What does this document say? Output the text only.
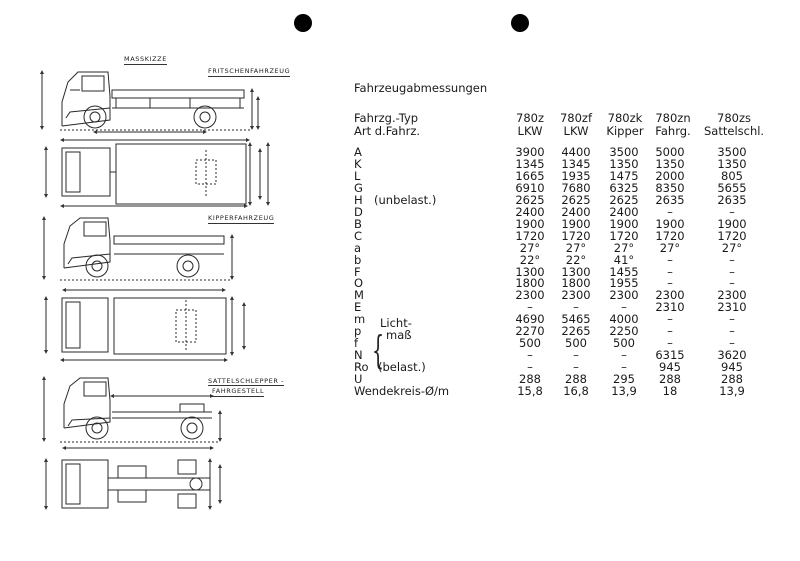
MASSKIZZE
FRITSCHENFAHRZEUG
KIPPERFAHRZEUG
SATTELSCHLEPPER -
FAHRGESTELL
Fahrzeugabmessungen
Fahrzg.-Typ	780z	780zf	780zk	780zn	780zs
Art d.Fahrz.	LKW	LKW	Kipper	Fahrg.	Sattelschl.
A	3900	4400	3500	5000	3500
K	1345	1345	1350	1350	1350
L	1665	1935	1475	2000	805
G	6910	7680	6325	8350	5655
H (unbelast.)	2625	2625	2625	2635	2635
D	2400	2400	2400	–	–
B	1900	1900	1900	1900	1900
C	1720	1720	1720	1720	1720
a	27°	27°	27°	27°	27°
b	22°	22°	41°	–	–
F	1300	1300	1455	–	–
O	1800	1800	1955	–	–
M	2300	2300	2300	2300	2300
E	–	–	–	2310	2310
m Licht-	4690	5465	4000	–	–
p maß	2270	2265	2250	–	–
f	500	500	500	–	–
N	–	–	–	6315	3620
Ro (belast.)	–	–	–	945	945
U	288	288	295	288	288
Wendekreis-Ø/m	15,8	16,8	13,9	18	13,9
{
